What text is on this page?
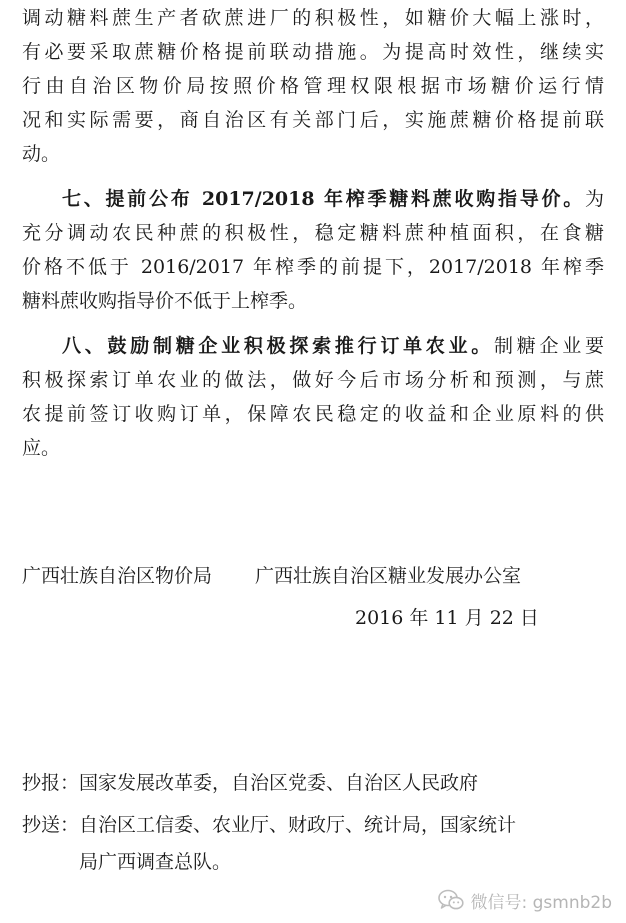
调动糖料蔗生产者砍蔗进厂的积极性，如糖价大幅上涨时，
有必要采取蔗糖价格提前联动措施。为提高时效性，继续实
行由自治区物价局按照价格管理权限根据市场糖价运行情
况和实际需要，商自治区有关部门后，实施蔗糖价格提前联
动。
七、提前公布 2017/2018 年榨季糖料蔗收购指导价。为
充分调动农民种蔗的积极性，稳定糖料蔗种植面积，在食糖
价格不低于 2016/2017 年榨季的前提下，2017/2018 年榨季
糖料蔗收购指导价不低于上榨季。
八、鼓励制糖企业积极探索推行订单农业。制糖企业要
积极探索订单农业的做法，做好今后市场分析和预测，与蔗
农提前签订收购订单，保障农民稳定的收益和企业原料的供
应。
广西壮族自治区物价局 广西壮族自治区糖业发展办公室
2016 年 11 月 22 日
抄报：国家发展改革委，自治区党委、自治区人民政府
抄送：自治区工信委、农业厅、财政厅、统计局，国家统计
局广西调查总队。
微信号: gsmnb2b
